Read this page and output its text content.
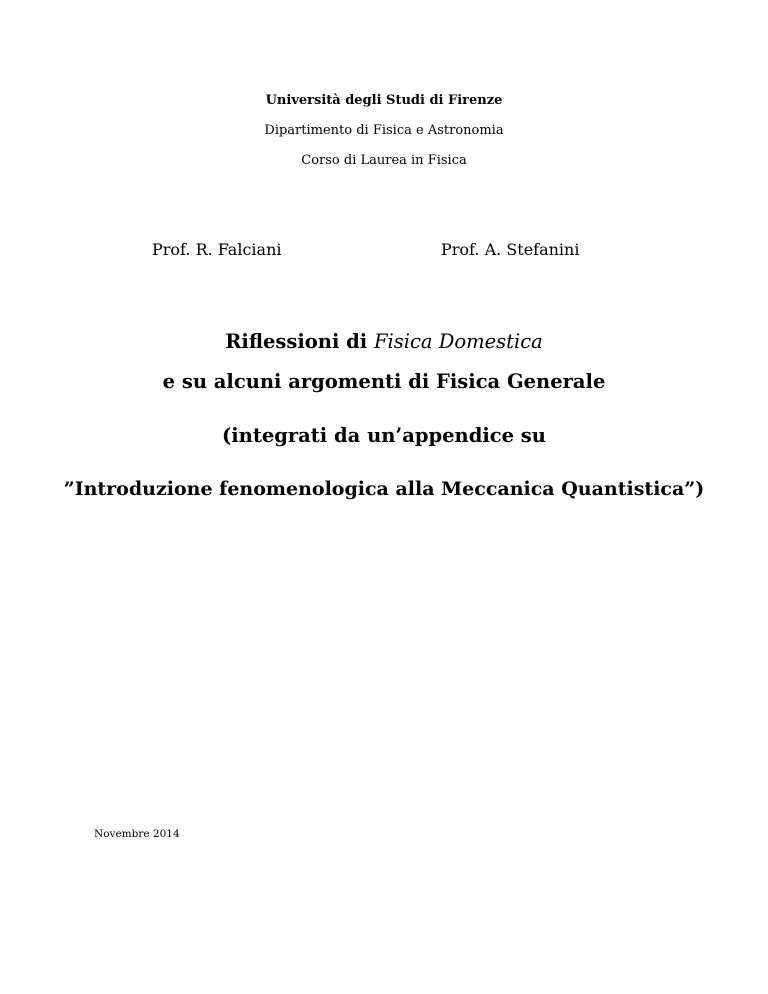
Università degli Studi di Firenze
Dipartimento di Fisica e Astronomia
Corso di Laurea in Fisica
Prof. R. Falciani	Prof. A. Stefanini
Riflessioni di Fisica Domestica
e su alcuni argomenti di Fisica Generale
(integrati da un’appendice su
”Introduzione fenomenologica alla Meccanica Quantistica”)
Novembre 2014
